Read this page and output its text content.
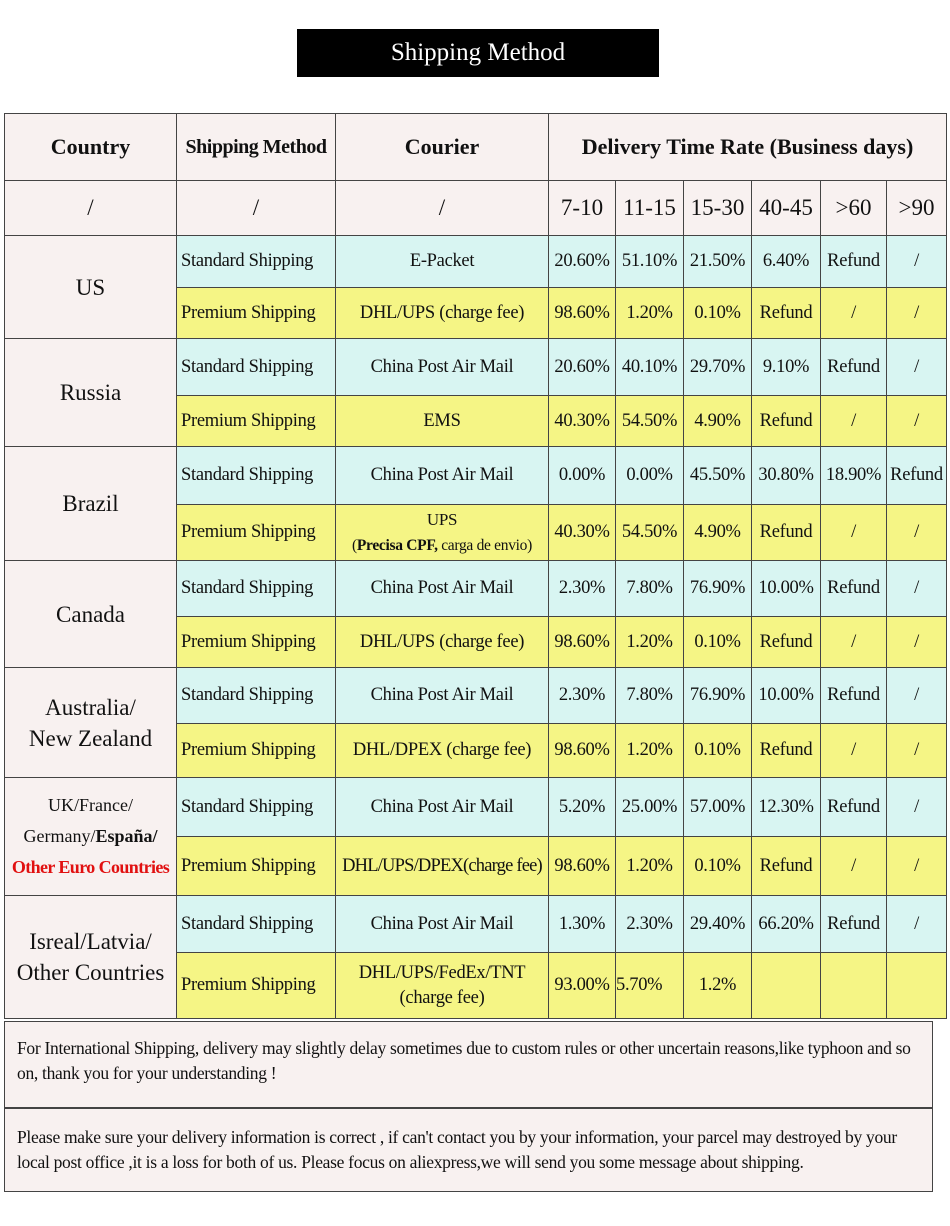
Shipping Method
Country	Shipping Method	Courier	Delivery Time Rate (Business days)					
/	/	/	7-10	11-15	15-30	40-45	>60	>90
US	Standard Shipping	E-Packet	20.60%	51.10%	21.50%	6.40%	Refund	/
	Premium Shipping	DHL/UPS (charge fee)	98.60%	1.20%	0.10%	Refund	/	/
Russia	Standard Shipping	China Post Air Mail	20.60%	40.10%	29.70%	9.10%	Refund	/
	Premium Shipping	EMS	40.30%	54.50%	4.90%	Refund	/	/
Brazil	Standard Shipping	China Post Air Mail	0.00%	0.00%	45.50%	30.80%	18.90%	Refund
	Premium Shipping	UPS
(Precisa CPF, carga de envio)	40.30%	54.50%	4.90%	Refund	/	/
Canada	Standard Shipping	China Post Air Mail	2.30%	7.80%	76.90%	10.00%	Refund	/
	Premium Shipping	DHL/UPS (charge fee)	98.60%	1.20%	0.10%	Refund	/	/
Australia/
New Zealand	Standard Shipping	China Post Air Mail	2.30%	7.80%	76.90%	10.00%	Refund	/
	Premium Shipping	DHL/DPEX (charge fee)	98.60%	1.20%	0.10%	Refund	/	/
UK/France/
Germany/España/
Other Euro Countries	Standard Shipping	China Post Air Mail	5.20%	25.00%	57.00%	12.30%	Refund	/
	Premium Shipping	DHL/UPS/DPEX(charge fee)	98.60%	1.20%	0.10%	Refund	/	/
Isreal/Latvia/
Other Countries	Standard Shipping	China Post Air Mail	1.30%	2.30%	29.40%	66.20%	Refund	/
	Premium Shipping	DHL/UPS/FedEx/TNT
(charge fee)	93.00%	5.70%	1.2%			
For International Shipping, delivery may slightly delay sometimes due to custom rules or other uncertain reasons,like typhoon and so on, thank you for your understanding !
Please make sure your delivery information is correct , if can't contact you by your information, your parcel may destroyed by your local post office ,it is a loss for both of us. Please focus on aliexpress,we will send you some message about shipping.
